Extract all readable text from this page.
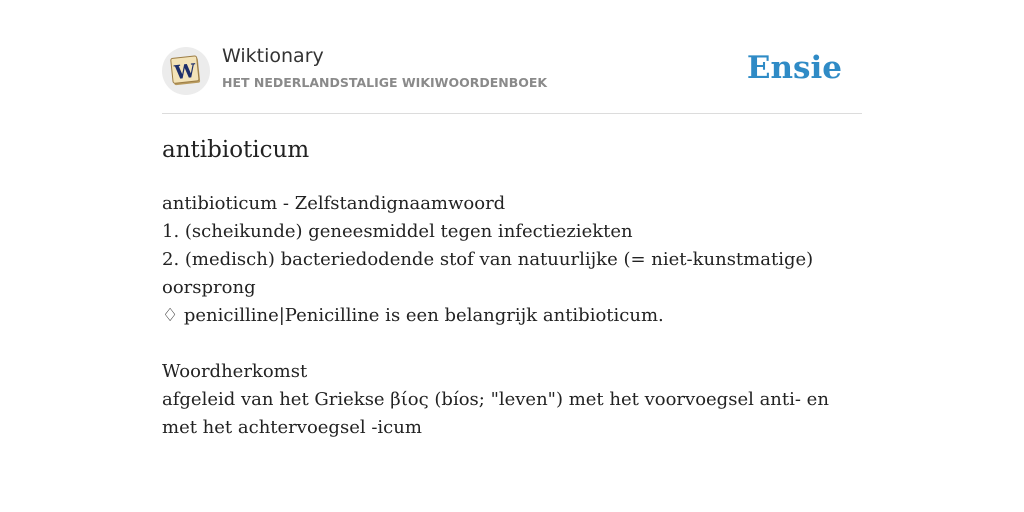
W
Wiktionary
HET NEDERLANDSTALIGE WIKIWOORDENBOEK	Ensie
antibioticum

antibioticum - Zelfstandignaamwoord

1. (scheikunde) geneesmiddel tegen infectieziekten

2. (medisch) bacteriedodende stof van natuurlijke (= niet-kunstmatige) oorsprong

♢ penicilline|Penicilline is een belangrijk antibioticum.

Woordherkomst

afgeleid van het Griekse βίος (bíos; "leven") met het voorvoegsel anti- en met het achtervoegsel -icum
